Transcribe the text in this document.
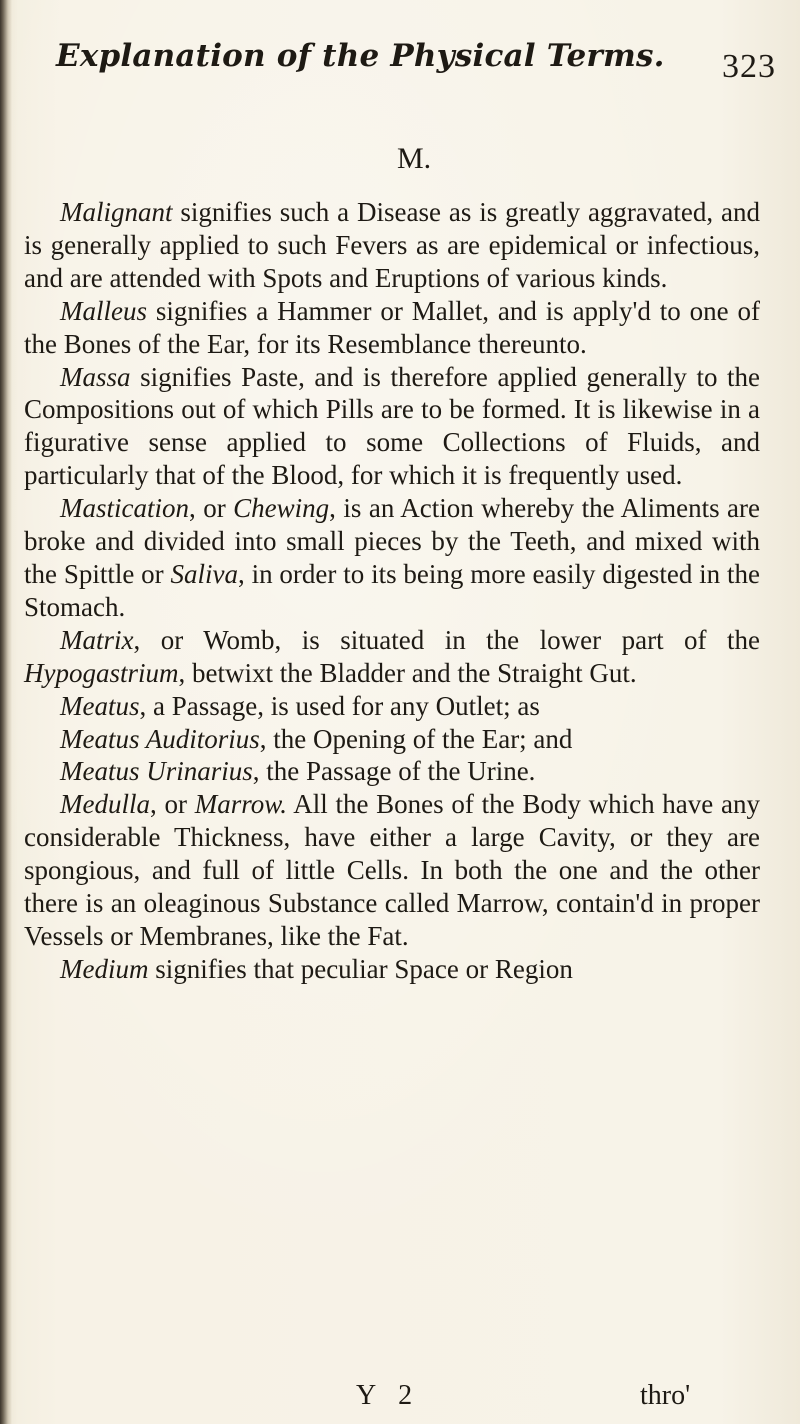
Explanation of the Physical Terms. 323
M.

Malignant signifies such a Disease as is greatly aggravated, and is generally applied to such Fevers as are epidemical or infectious, and are attended with Spots and Eruptions of various kinds.

Malleus signifies a Hammer or Mallet, and is apply'd to one of the Bones of the Ear, for its Resemblance thereunto.

Massa signifies Paste, and is therefore applied generally to the Compositions out of which Pills are to be formed. It is likewise in a figurative sense applied to some Collections of Fluids, and particularly that of the Blood, for which it is frequently used.

Mastication, or Chewing, is an Action whereby the Aliments are broke and divided into small pieces by the Teeth, and mixed with the Spittle or Saliva, in order to its being more easily digested in the Stomach.

Matrix, or Womb, is situated in the lower part of the Hypogastrium, betwixt the Bladder and the Straight Gut.

Meatus, a Passage, is used for any Outlet; as

Meatus Auditorius, the Opening of the Ear; and

Meatus Urinarius, the Passage of the Urine.

Medulla, or Marrow. All the Bones of the Body which have any considerable Thickness, have either a large Cavity, or they are spongious, and full of little Cells. In both the one and the other there is an oleaginous Substance called Marrow, contain'd in proper Vessels or Membranes, like the Fat.

Medium signifies that peculiar Space or Region

Y 2	thro'
